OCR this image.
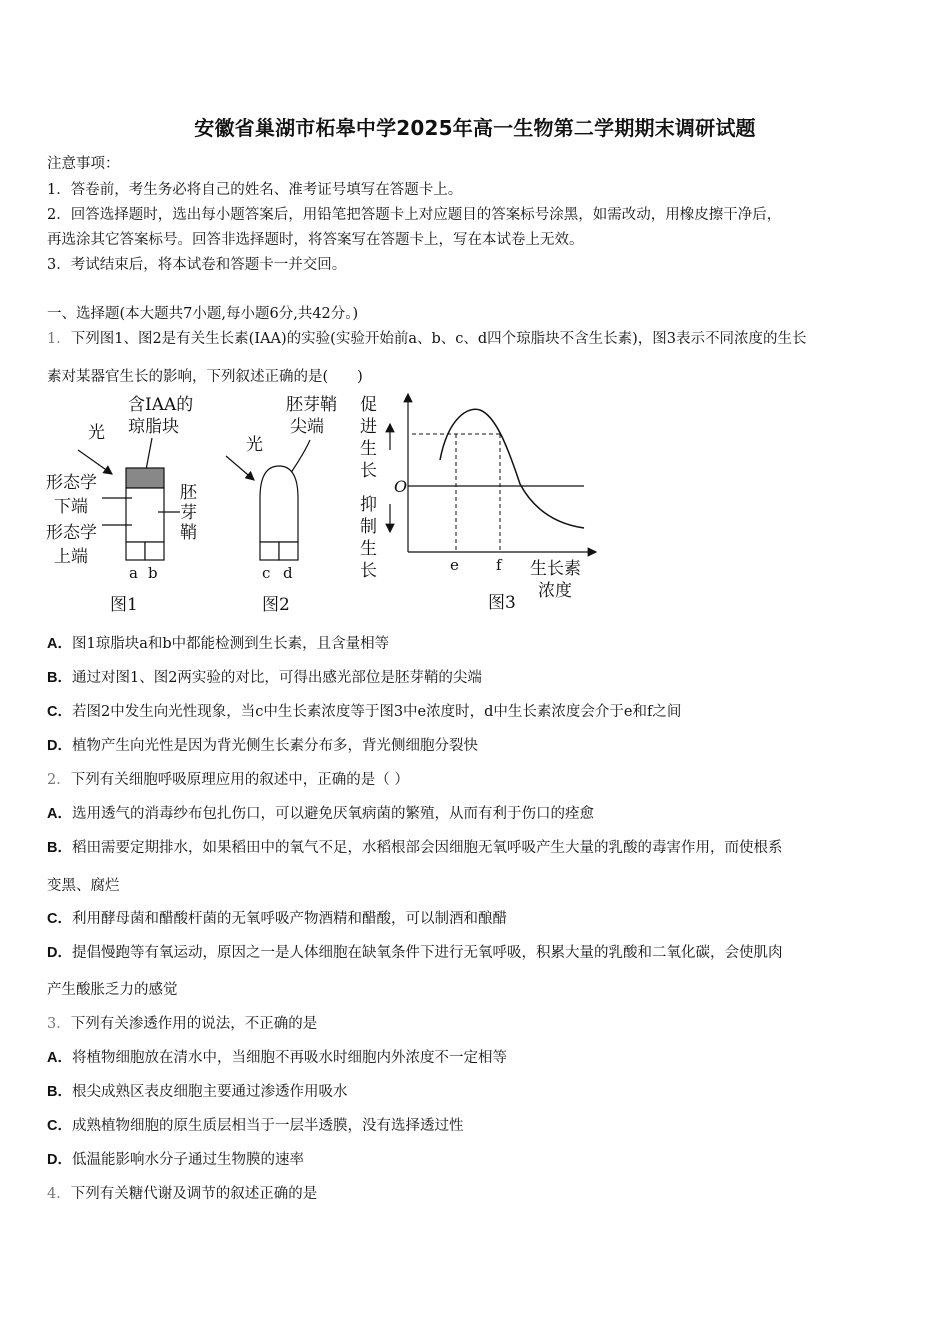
安徽省巢湖市柘皋中学2025年高一生物第二学期期末调研试题
注意事项：
1．答卷前，考生务必将自己的姓名、准考证号填写在答题卡上。
2．回答选择题时，选出每小题答案后，用铅笔把答题卡上对应题目的答案标号涂黑，如需改动，用橡皮擦干净后，
再选涂其它答案标号。回答非选择题时，将答案写在答题卡上，写在本试卷上无效。
3．考试结束后，将本试卷和答题卡一并交回。
一、选择题(本大题共7小题,每小题6分,共42分。)
1．下列图1、图2是有关生长素(IAA)的实验(实验开始前a、b、c、d四个琼脂块不含生长素)，图3表示不同浓度的生长
素对某器官生长的影响，下列叙述正确的是(　　)
含IAA的
琼脂块
光
形态学
下端
形态学
上端
胚
芽
鞘
a b
图1
胚芽鞘
尖端
光
c d
图2
促
进
生
长
O
抑
制
生
长	e f 生长素
浓度
图3
A．图1琼脂块a和b中都能检测到生长素，且含量相等
B．通过对图1、图2两实验的对比，可得出感光部位是胚芽鞘的尖端
C．若图2中发生向光性现象，当c中生长素浓度等于图3中e浓度时，d中生长素浓度会介于e和f之间
D．植物产生向光性是因为背光侧生长素分布多，背光侧细胞分裂快
2．下列有关细胞呼吸原理应用的叙述中，正确的是（ ）
A．选用透气的消毒纱布包扎伤口，可以避免厌氧病菌的繁殖，从而有利于伤口的痊愈
B．稻田需要定期排水，如果稻田中的氧气不足，水稻根部会因细胞无氧呼吸产生大量的乳酸的毒害作用，而使根系
变黑、腐烂
C．利用酵母菌和醋酸杆菌的无氧呼吸产物酒精和醋酸，可以制酒和酿醋
D．提倡慢跑等有氧运动，原因之一是人体细胞在缺氧条件下进行无氧呼吸，积累大量的乳酸和二氧化碳，会使肌肉
产生酸胀乏力的感觉
3．下列有关渗透作用的说法，不正确的是
A．将植物细胞放在清水中，当细胞不再吸水时细胞内外浓度不一定相等
B．根尖成熟区表皮细胞主要通过渗透作用吸水
C．成熟植物细胞的原生质层相当于一层半透膜，没有选择透过性
D．低温能影响水分子通过生物膜的速率
4．下列有关糖代谢及调节的叙述正确的是
